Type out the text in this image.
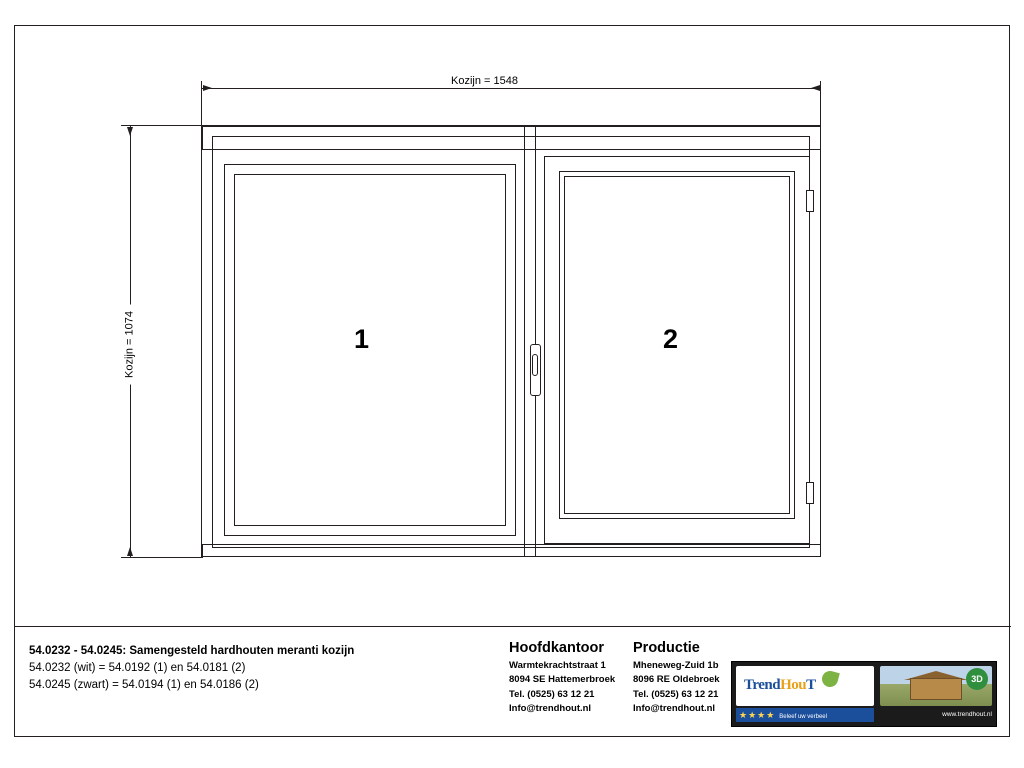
Kozijn = 1548
Kozijn = 1074	1	2
54.0232 - 54.0245: Samengesteld hardhouten meranti kozijn
54.0232 (wit) = 54.0192 (1) en 54.0181 (2)
54.0245 (zwart) = 54.0194 (1) en 54.0186 (2)
Hoofdkantoor
Warmtekrachtstraat 1
8094 SE Hattemerbroek
Tel. (0525) 63 12 21
Info@trendhout.nl
Productie
Mheneweg-Zuid 1b
8096 RE Oldebroek
Tel. (0525) 63 12 21
Info@trendhout.nl
TrendHouT
★★★★ Beleef uw verbeel
3D
www.trendhout.nl
